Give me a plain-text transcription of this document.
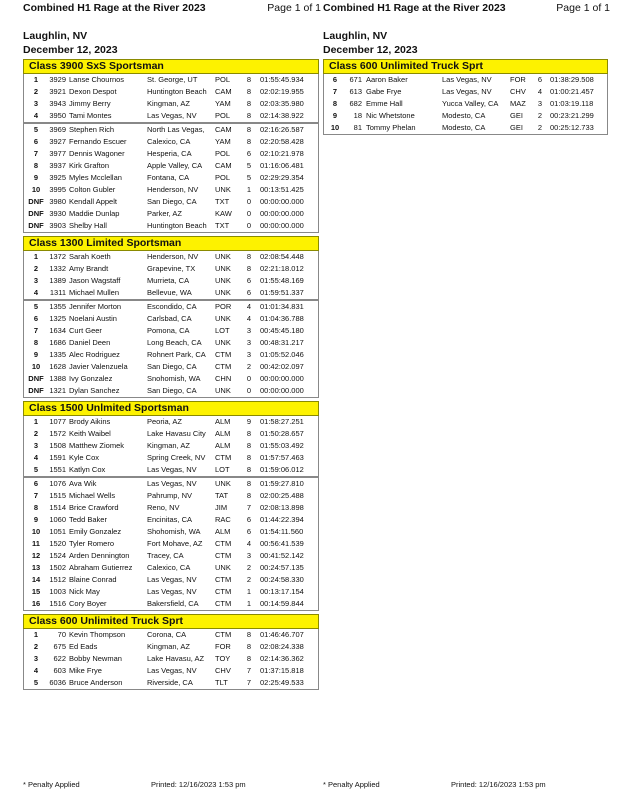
Combined H1 Rage at the River 2023	Page 1 of 1
Laughlin, NV
December 12, 2023
Class 3900 SxS Sportsman
1	3929 Lanse Chournos	St. George, UT	POL	8	01:55:45.934
2	3921 Dexon Despot	Huntington Beach	CAM	8	02:02:19.955
3	3943 Jimmy Berry	Kingman, AZ	YAM	8	02:03:35.980
4	3950 Tami Montes	Las Vegas, NV	POL	8	02:14:38.922
5	3969 Stephen Rich	North Las Vegas,	CAM	8	02:16:26.587
6	3927 Fernando Escuer	Calexico, CA	YAM	8	02:20:58.428
7	3977 Dennis Wagoner	Hesperia, CA	POL	6	02:10:21.978
8	3937 Kirk Grafton	Apple Valley, CA	CAM	5	01:16:06.481
9	3925 Myles Mcclellan	Fontana, CA	POL	5	02:29:29.354
10	3995 Colton Gubler	Henderson, NV	UNK	1	00:13:51.425
DNF 3980 Kendall Appelt	San Diego, CA	TXT	0	00:00:00.000
DNF 3930 Maddie Dunlap	Parker, AZ	KAW	0	00:00:00.000
DNF 3903 Shelby Hall	Huntington Beach	TXT	0	00:00:00.000
Class 1300 Limited Sportsman
1	1372 Sarah Koeth	Henderson, NV	UNK	8	02:08:54.448
2	1332 Amy Brandt	Grapevine, TX	UNK	8	02:21:18.012
3	1389 Jason Wagstaff	Murrieta, CA	UNK	6	01:55:48.169
4	1311 Michael Mullen	Bellevue, WA	UNK	6	01:59:51.337
5	1355 Jennifer Morton	Escondido, CA	POR	4	01:01:34.831
6	1325 Noelani Austin	Carlsbad, CA	UNK	4	01:04:36.788
7	1634 Curt Geer	Pomona, CA	LOT	3	00:45:45.180
8	1686 Daniel Deen	Long Beach, CA	UNK	3	00:48:31.217
9	1335 Alec Rodriguez	Rohnert Park, CA	CTM	3	01:05:52.046
10	1628 Javier Valenzuela	San Diego, CA	CTM	2	00:42:02.097
DNF 1388 Ivy Gonzalez	Snohomish, WA	CHN	0	00:00:00.000
DNF 1321 Dylan Sanchez	San Diego, CA	UNK	0	00:00:00.000
Class 1500 Unlmited Sportsman
1	1077 Brody Aikins	Peoria, AZ	ALM	9	01:58:27.251
2	1572 Keith Waibel	Lake Havasu City	ALM	8	01:50:28.657
3	1508 Matthew Ziomek	Kingman, AZ	ALM	8	01:55:03.492
4	1591 Kyle Cox	Spring Creek, NV	CTM	8	01:57:57.463
5	1551 Katlyn Cox	Las Vegas, NV	LOT	8	01:59:06.012
6	1076 Ava Wik	Las Vegas, NV	UNK	8	01:59:27.810
7	1515 Michael Wells	Pahrump, NV	TAT	8	02:00:25.488
8	1514 Brice Crawford	Reno, NV	JIM	7	02:08:13.898
9	1060 Tedd Baker	Encinitas, CA	RAC	6	01:44:22.394
10	1051 Emily Gonzalez	Shohomish, WA	ALM	6	01:54:11.560
11	1520 Tyler Romero	Fort Mohave, AZ	CTM	4	00:56:41.539
12	1524 Arden Dennington	Tracey, CA	CTM	3	00:41:52.142
13	1502 Abraham Gutierrez	Calexico, CA	UNK	2	00:24:57.135
14	1512 Blaine Conrad	Las Vegas, NV	CTM	2	00:24:58.330
15	1003 Nick May	Las Vegas, NV	CTM	1	00:13:17.154
16	1516 Cory Boyer	Bakersfield, CA	CTM	1	00:14:59.844
Class 600 Unlimited Truck Sprt
1	70 Kevin Thompson	Corona, CA	CTM	8	01:46:46.707
2	675 Ed Eads	Kingman, AZ	FOR	8	02:08:24.338
3	622 Bobby Newman	Lake Havasu, AZ	TOY	8	02:14:36.362
4	603 Mike Frye	Las Vegas, NV	CHV	7	01:37:15.818
5	6036 Bruce Anderson	Riverside, CA	TLT	7	02:25:49.533
* Penalty Applied	Printed: 12/16/2023 1:53 pm
Combined H1 Rage at the River 2023	Page 1 of 1
Laughlin, NV
December 12, 2023
Class 600 Unlimited Truck Sprt
6	671 Aaron Baker	Las Vegas, NV	FOR	6	01:38:29.508
7	613 Gabe Frye	Las Vegas, NV	CHV	4	01:00:21.457
8	682 Emme Hall	Yucca Valley, CA	MAZ	3	01:03:19.118
9	18 Nic Whetstone	Modesto, CA	GEI	2	00:23:21.299
10	81 Tommy Phelan	Modesto, CA	GEI	2	00:25:12.733
* Penalty Applied	Printed: 12/16/2023 1:53 pm
